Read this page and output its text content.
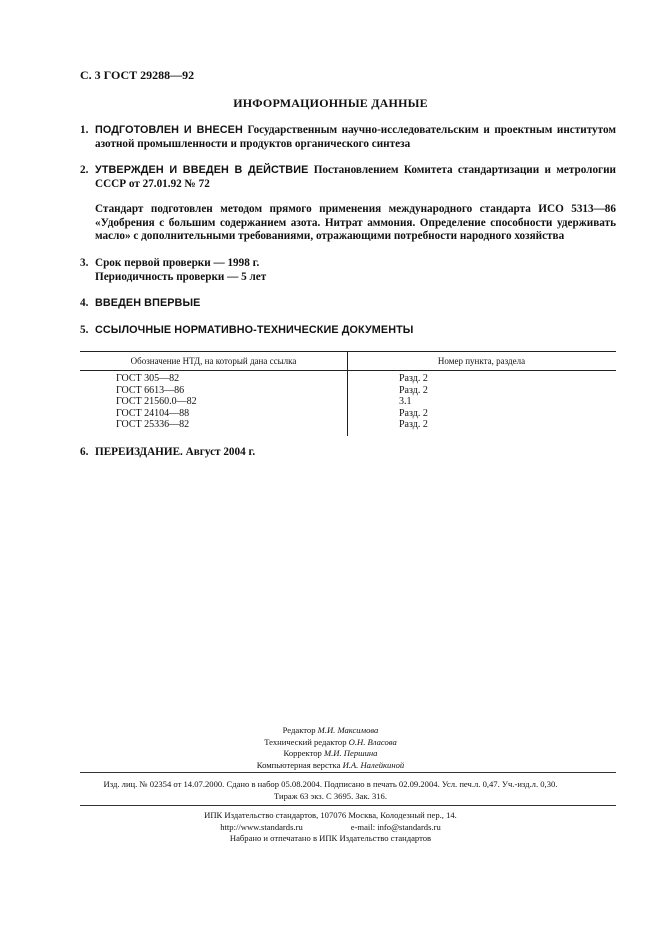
С. 3 ГОСТ 29288—92
ИНФОРМАЦИОННЫЕ ДАННЫЕ
1. ПОДГОТОВЛЕН И ВНЕСЕН Государственным научно-исследовательским и проектным институтом азотной промышленности и продуктов органического синтеза
2. УТВЕРЖДЕН И ВВЕДЕН В ДЕЙСТВИЕ Постановлением Комитета стандартизации и метрологии СССР от 27.01.92 № 72
Стандарт подготовлен методом прямого применения международного стандарта ИСО 5313—86 «Удобрения с большим содержанием азота. Нитрат аммония. Определение способности удерживать масло» с дополнительными требованиями, отражающими потребности народного хозяйства
3. Срок первой проверки — 1998 г.
Периодичность проверки — 5 лет
4. ВВЕДЕН ВПЕРВЫЕ
5. ССЫЛОЧНЫЕ НОРМАТИВНО-ТЕХНИЧЕСКИЕ ДОКУМЕНТЫ
Обозначение НТД, на который дана ссылка	Номер пункта, раздела
ГОСТ 305—82	Разд. 2
ГОСТ 6613—86	Разд. 2
ГОСТ 21560.0—82	3.1
ГОСТ 24104—88	Разд. 2
ГОСТ 25336—82	Разд. 2
6. ПЕРЕИЗДАНИЕ. Август 2004 г.
Редактор М.И. Максимова
Технический редактор О.Н. Власова
Корректор М.И. Першина
Компьютерная верстка И.А. Налейкиной
Изд. лиц. № 02354 от 14.07.2000. Сдано в набор 05.08.2004. Подписано в печать 02.09.2004. Усл. печ.л. 0,47. Уч.-изд.л. 0,30.
Тираж 63 экз. С 3695. Зак. 316.
ИПК Издательство стандартов, 107076 Москва, Колодезный пер., 14.
http://www.standards.ru	e-mail: info@standards.ru
Набрано и отпечатано в ИПК Издательство стандартов
